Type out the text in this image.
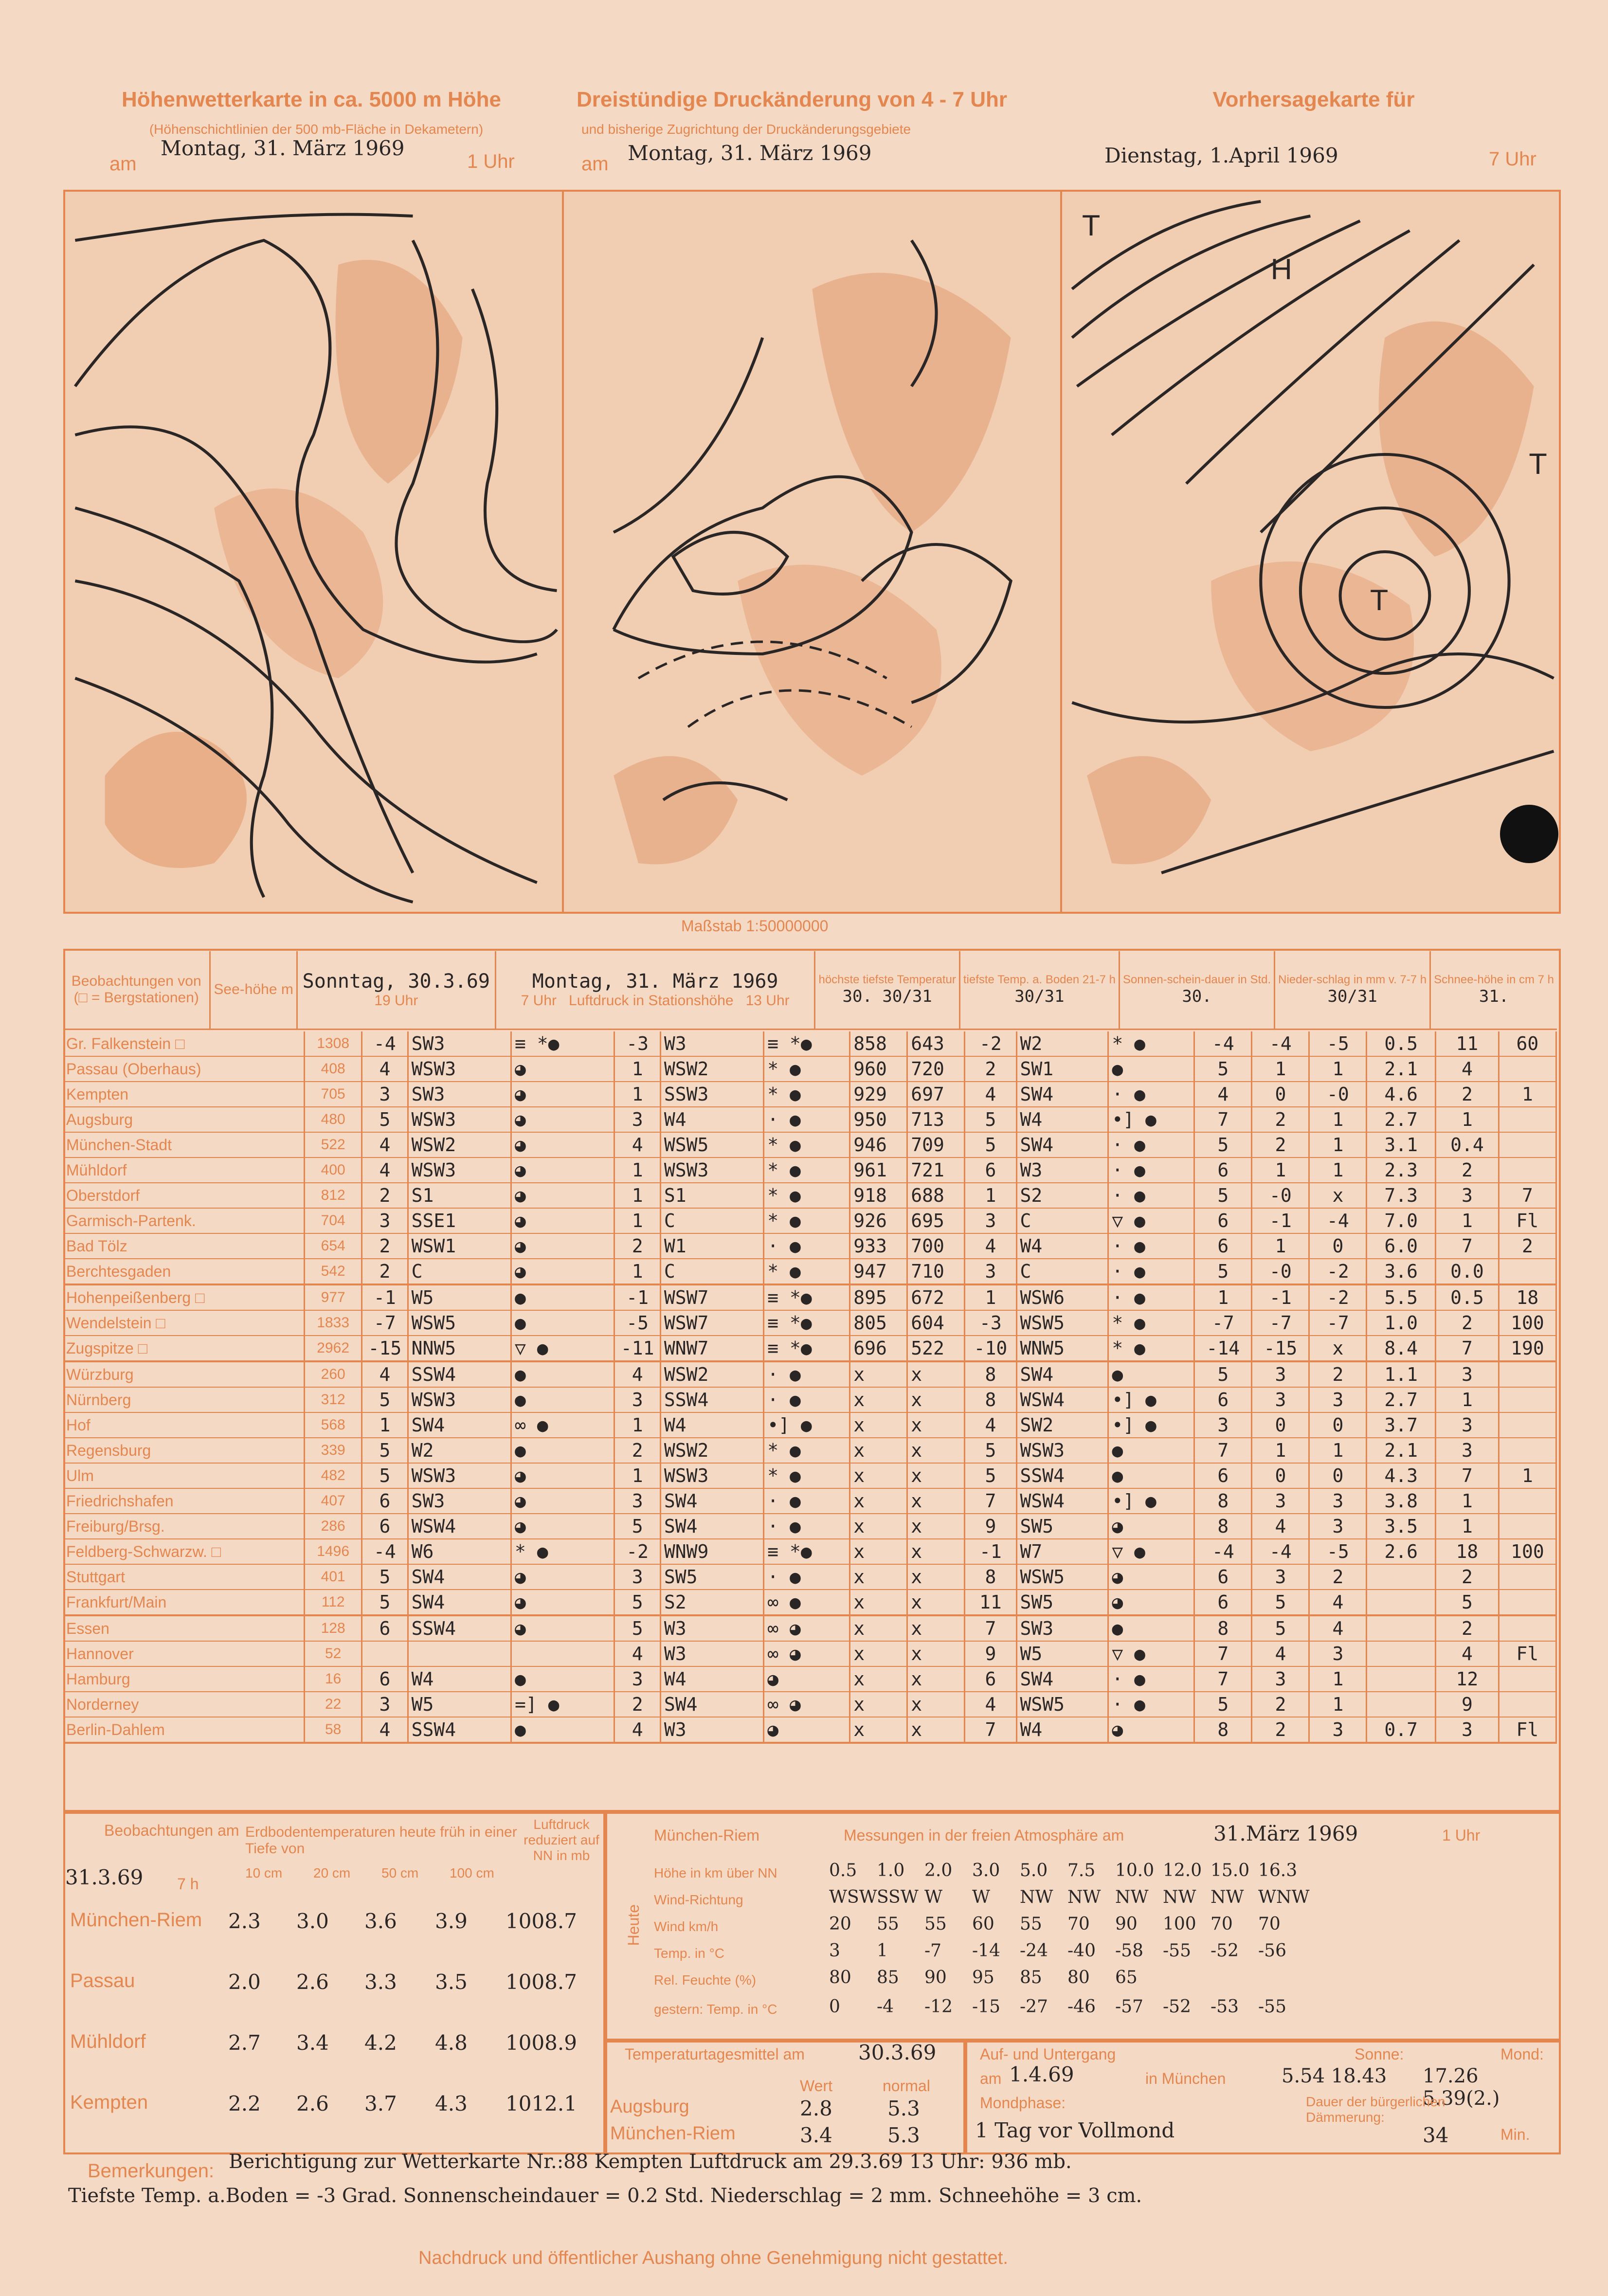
Höhenwetterkarte in ca. 5000 m Höhe
(Höhenschichtlinien der 500 mb-Fläche in Dekametern)
am
Montag, 31. März 1969
1 Uhr
Dreistündige Druckänderung von 4 - 7 Uhr
und bisherige Zugrichtung der Druckänderungsgebiete
am Montag, 31. März 1969
Vorhersagekarte für
Dienstag, 1.April 1969	7 Uhr
T
H
T
T
Maßstab 1:50000000
Beobachtungen von
(□ = Bergstationen)	See-höhe m	Sonntag, 30.3.69
19 Uhr	Montag, 31. März 1969
7 Uhr Luftdruck in Stationshöhe 13 Uhr	höchste tiefste Temperatur
30. 30/31	tiefste Temp. a. Boden 21-7 h
30/31	Sonnen-schein-dauer in Std.
30.	Nieder-schlag in mm v. 7-7 h
30/31	Schnee-höhe in cm 7 h
31.
Gr. Falkenstein □	1308	-4	SW3	≡ *●	-3	W3	≡ *●	858	643	-2	W2	* ●	-4	-4	-5	0.5	11	60
Passau (Oberhaus)	408	4	WSW3	◕	1	WSW2	* ●	960	720	2	SW1	●	5	1	1	2.1	4	
Kempten	705	3	SW3	◕	1	SSW3	* ●	929	697	4	SW4	· ●	4	0	-0	4.6	2	1
Augsburg	480	5	WSW3	◕	3	W4	· ●	950	713	5	W4	•] ●	7	2	1	2.7	1	
München-Stadt	522	4	WSW2	◕	4	WSW5	* ●	946	709	5	SW4	· ●	5	2	1	3.1	0.4	
Mühldorf	400	4	WSW3	◕	1	WSW3	* ●	961	721	6	W3	· ●	6	1	1	2.3	2	
Oberstdorf	812	2	S1	◕	1	S1	* ●	918	688	1	S2	· ●	5	-0	x	7.3	3	7
Garmisch-Partenk.	704	3	SSE1	◕	1	C	* ●	926	695	3	C	▽ ●	6	-1	-4	7.0	1	Fl
Bad Tölz	654	2	WSW1	◕	2	W1	· ●	933	700	4	W4	· ●	6	1	0	6.0	7	2
Berchtesgaden	542	2	C	◕	1	C	* ●	947	710	3	C	· ●	5	-0	-2	3.6	0.0	
Hohenpeißenberg □	977	-1	W5	●	-1	WSW7	≡ *●	895	672	1	WSW6	· ●	1	-1	-2	5.5	0.5	18
Wendelstein □	1833	-7	WSW5	●	-5	WSW7	≡ *●	805	604	-3	WSW5	* ●	-7	-7	-7	1.0	2	100
Zugspitze □	2962	-15	NNW5	▽ ●	-11	WNW7	≡ *●	696	522	-10	WNW5	* ●	-14	-15	x	8.4	7	190
Würzburg	260	4	SSW4	●	4	WSW2	· ●	x	x	8	SW4	●	5	3	2	1.1	3	
Nürnberg	312	5	WSW3	●	3	SSW4	· ●	x	x	8	WSW4	•] ●	6	3	3	2.7	1	
Hof	568	1	SW4	∞ ●	1	W4	•] ●	x	x	4	SW2	•] ●	3	0	0	3.7	3	
Regensburg	339	5	W2	●	2	WSW2	* ●	x	x	5	WSW3	●	7	1	1	2.1	3	
Ulm	482	5	WSW3	◕	1	WSW3	* ●	x	x	5	SSW4	●	6	0	0	4.3	7	1
Friedrichshafen	407	6	SW3	◕	3	SW4	· ●	x	x	7	WSW4	•] ●	8	3	3	3.8	1	
Freiburg/Brsg.	286	6	WSW4	◕	5	SW4	· ●	x	x	9	SW5	◕	8	4	3	3.5	1	
Feldberg-Schwarzw. □	1496	-4	W6	* ●	-2	WNW9	≡ *●	x	x	-1	W7	▽ ●	-4	-4	-5	2.6	18	100
Stuttgart	401	5	SW4	◕	3	SW5	· ●	x	x	8	WSW5	◕	6	3	2		2	
Frankfurt/Main	112	5	SW4	◕	5	S2	∞ ●	x	x	11	SW5	◕	6	5	4		5	
Essen	128	6	SSW4	◕	5	W3	∞ ◕	x	x	7	SW3	●	8	5	4		2	
Hannover	52				4	W3	∞ ◕	x	x	9	W5	▽ ●	7	4	3		4	Fl
Hamburg	16	6	W4	●	3	W4	◕	x	x	6	SW4	· ●	7	3	1		12	
Norderney	22	3	W5	=] ●	2	SW4	∞ ◕	x	x	4	WSW5	· ●	5	2	1		9	
Berlin-Dahlem	58	4	SSW4	●	4	W3	◕	x	x	7	W4	◕	8	2	3	0.7	3	Fl
Beobachtungen am
31.3.69 7 h
Erdbodentemperaturen heute früh in einer Tiefe von
Luftdruck reduziert auf NN in mb
10 cm 20 cm 50 cm 100 cm
München-Riem 2.3 3.0 3.6 3.9 1008.7
Passau	2.0 2.6 3.3 3.5 1008.7
Mühldorf	2.7 3.4 4.2 4.8 1008.9
Kempten	2.2 2.6 3.7 4.3 1012.1
München-Riem	Messungen in der freien Atmosphäre am	31.März 1969	1 Uhr
Heute
Höhe in km über NN	0.5 1.0 2.0 3.0 5.0 7.5 10.0 12.0 15.0 16.3
Wind-Richtung	WSW SSW W W NW NW NW NW NW WNW
Wind km/h	20 55 55 60 55 70 90 100 70 70
Temp. in °C	3 1 -7 -14 -24 -40 -58 -55 -52 -56
Rel. Feuchte (%)	80 85 90 95 85 80 65
gestern: Temp. in °C	0 -4 -12 -15 -27 -46 -57 -52 -53 -55
Temperaturtagesmittel am	30.3.69
Wert	normal
Augsburg	2.8	5.3
München-Riem	3.4	5.3
Auf- und Untergang
am 1.4.69	in München
Sonne:
5.54 18.43
Mond:
17.26 5.39(2.)
Mondphase:
1 Tag vor Vollmond
Dauer der bürgerlichen Dämmerung:
34	Min.
Bemerkungen: Berichtigung zur Wetterkarte Nr.:88 Kempten Luftdruck am 29.3.69 13 Uhr: 936 mb.
Tiefste Temp. a.Boden = -3 Grad. Sonnenscheindauer = 0.2 Std. Niederschlag = 2 mm. Schneehöhe = 3 cm.
Nachdruck und öffentlicher Aushang ohne Genehmigung nicht gestattet.
